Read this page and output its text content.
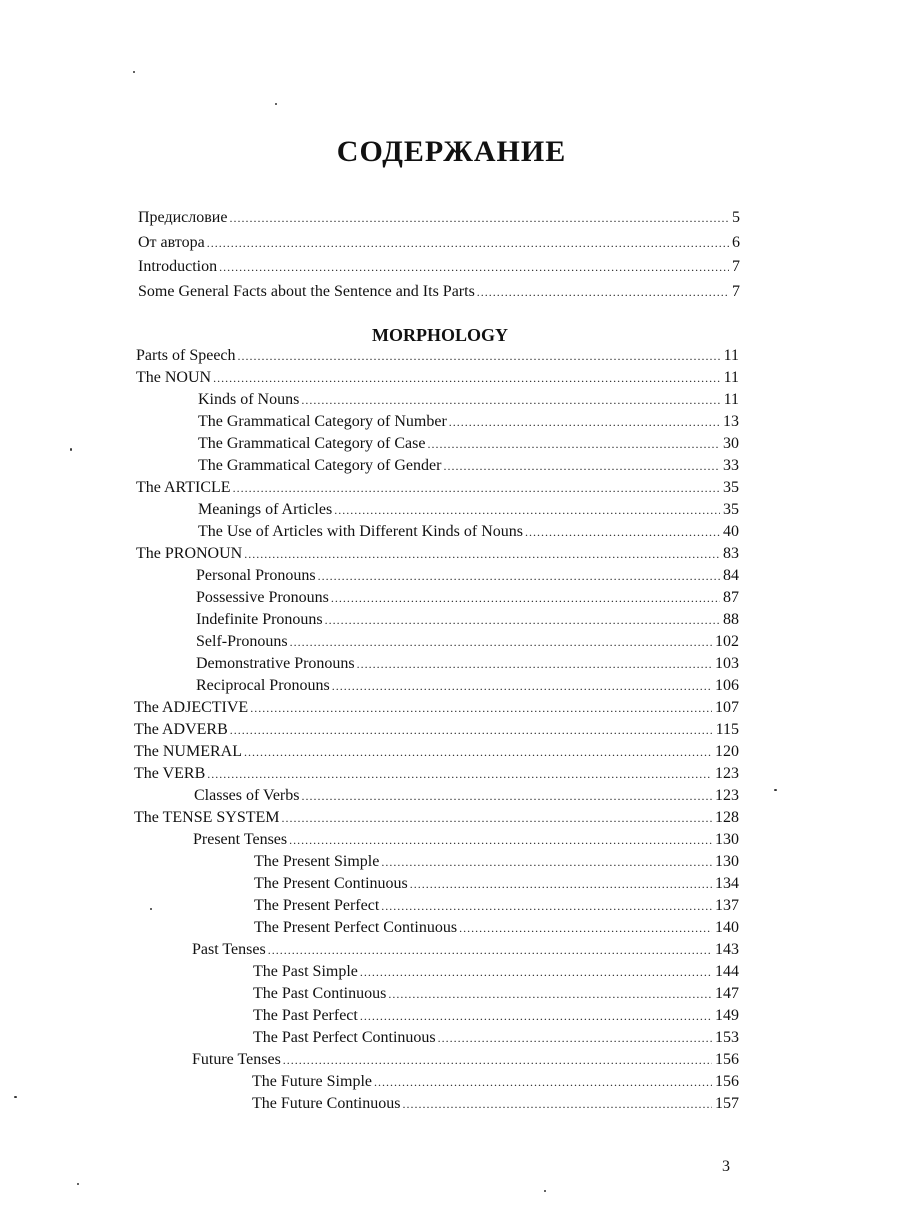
СОДЕРЖАНИЕ
Предисловие .....	5
От автора .....	6
Introduction .....	7
Some General Facts about the Sentence and Its Parts .....	7
MORPHOLOGY
Parts of Speech .....	11
The NOUN .....	11
Kinds of Nouns .....	11
The Grammatical Category of Number .....	13
The Grammatical Category of Case .....	30
The Grammatical Category of Gender .....	33
The ARTICLE .....	35
Meanings of Articles .....	35
The Use of Articles with Different Kinds of Nouns .....	40
The PRONOUN .....	83
Personal Pronouns .....	84
Possessive Pronouns .....	87
Indefinite Pronouns .....	88
Self-Pronouns .....	102
Demonstrative Pronouns .....	103
Reciprocal Pronouns .....	106
The ADJECTIVE .....	107
The ADVERB .....	115
The NUMERAL .....	120
The VERB .....	123
Classes of Verbs .....	123
The TENSE SYSTEM .....	128
Present Tenses .....	130
The Present Simple .....	130
The Present Continuous .....	134
The Present Perfect .....	137
The Present Perfect Continuous .....	140
Past Tenses .....	143
The Past Simple .....	144
The Past Continuous .....	147
The Past Perfect .....	149
The Past Perfect Continuous .....	153
Future Tenses .....	156
The Future Simple .....	156
The Future Continuous .....	157
3
